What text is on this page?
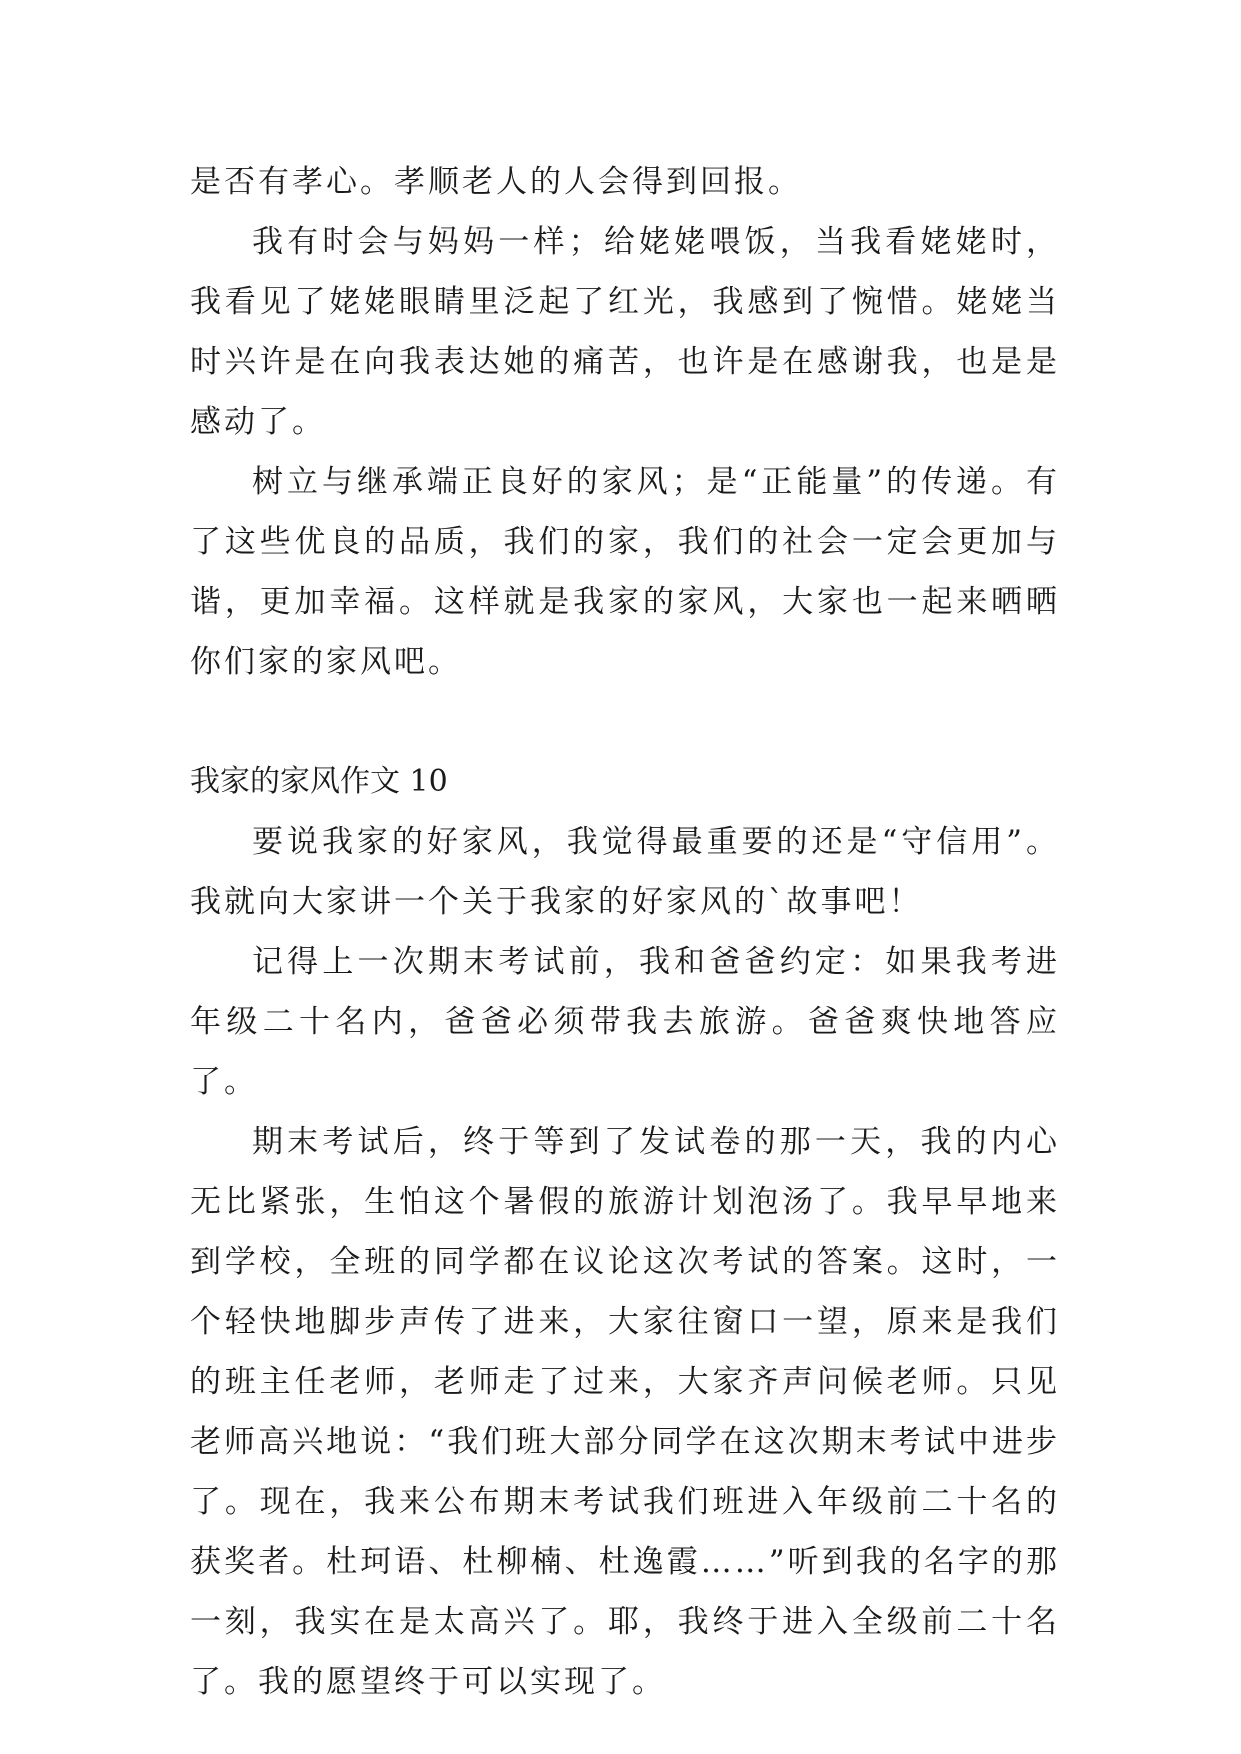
是否有孝心。孝顺老人的人会得到回报。

我有时会与妈妈一样；给姥姥喂饭，当我看姥姥时，我看见了姥姥眼睛里泛起了红光，我感到了惋惜。姥姥当时兴许是在向我表达她的痛苦，也许是在感谢我，也是是感动了。

树立与继承端正良好的家风；是“正能量”的传递。有了这些优良的品质，我们的家，我们的社会一定会更加与谐，更加幸福。这样就是我家的家风，大家也一起来晒晒你们家的家风吧。

我家的家风作文 10

要说我家的好家风，我觉得最重要的还是“守信用”。我就向大家讲一个关于我家的好家风的`故事吧！

记得上一次期末考试前，我和爸爸约定：如果我考进年级二十名内，爸爸必须带我去旅游。爸爸爽快地答应了。

期末考试后，终于等到了发试卷的那一天，我的内心无比紧张，生怕这个暑假的旅游计划泡汤了。我早早地来到学校，全班的同学都在议论这次考试的答案。这时，一个轻快地脚步声传了进来，大家往窗口一望，原来是我们的班主任老师，老师走了过来，大家齐声问候老师。只见老师高兴地说：“我们班大部分同学在这次期末考试中进步了。现在，我来公布期末考试我们班进入年级前二十名的获奖者。杜珂语、杜柳楠、杜逸霞……”听到我的名字的那一刻，我实在是太高兴了。耶，我终于进入全级前二十名了。我的愿望终于可以实现了。
